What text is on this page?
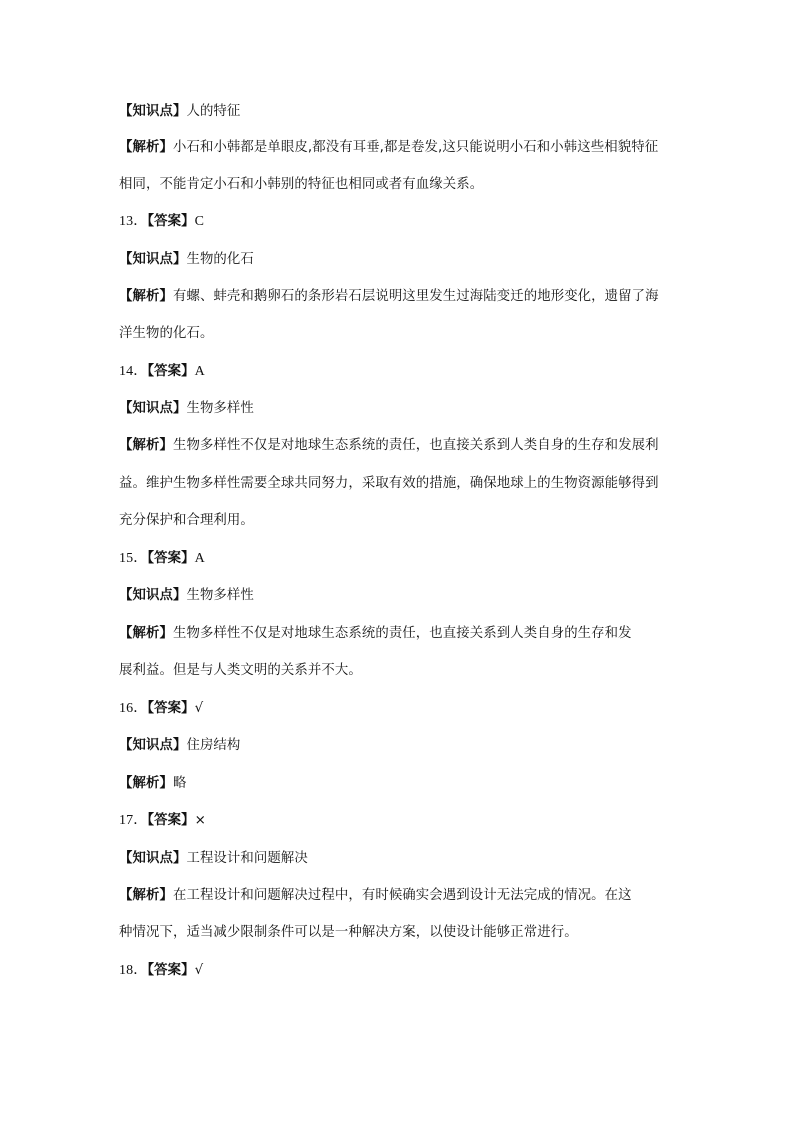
【知识点】人的特征
【解析】小石和小韩都是单眼皮,都没有耳垂,都是卷发,这只能说明小石和小韩这些相貌特征
相同，不能肯定小石和小韩别的特征也相同或者有血缘关系。
13．【答案】C
【知识点】生物的化石
【解析】有螺、蚌壳和鹅卵石的条形岩石层说明这里发生过海陆变迁的地形变化，遗留了海
洋生物的化石。
14．【答案】A
【知识点】生物多样性
【解析】生物多样性不仅是对地球生态系统的责任，也直接关系到人类自身的生存和发展利
益。维护生物多样性需要全球共同努力，采取有效的措施，确保地球上的生物资源能够得到
充分保护和合理利用。
15．【答案】A
【知识点】生物多样性
【解析】生物多样性不仅是对地球生态系统的责任，也直接关系到人类自身的生存和发
展利益。但是与人类文明的关系并不大。
16．【答案】√
【知识点】住房结构
【解析】略
17．【答案】×
【知识点】工程设计和问题解决
【解析】在工程设计和问题解决过程中，有时候确实会遇到设计无法完成的情况。在这
种情况下，适当减少限制条件可以是一种解决方案，以使设计能够正常进行。
18．【答案】√
